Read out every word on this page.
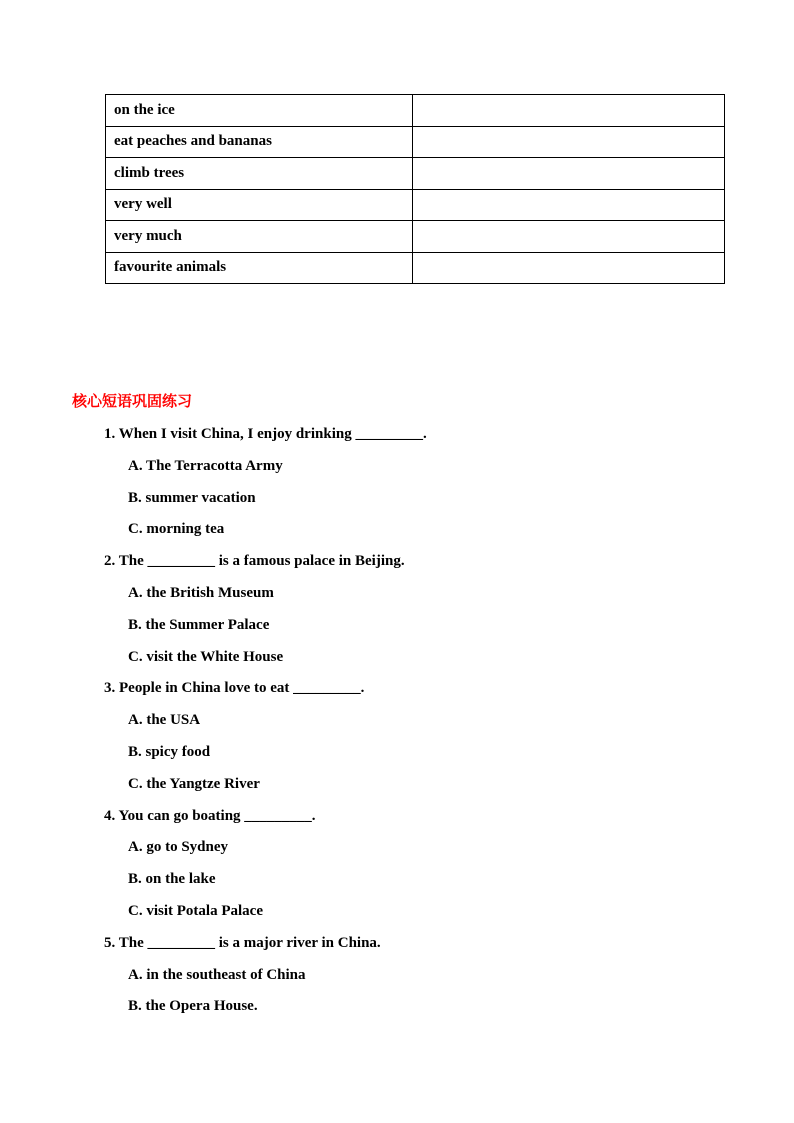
on the ice	
eat peaches and bananas	
climb trees	
very well	
very much	
favourite animals	
核心短语巩固练习
1. When I visit China, I enjoy drinking _________.
A. The Terracotta Army
B. summer vacation
C. morning tea
2. The _________ is a famous palace in Beijing.
A. the British Museum
B. the Summer Palace
C. visit the White House
3. People in China love to eat _________.
A. the USA
B. spicy food
C. the Yangtze River
4. You can go boating _________.
A. go to Sydney
B. on the lake
C. visit Potala Palace
5. The _________ is a major river in China.
A. in the southeast of China
B. the Opera House.
